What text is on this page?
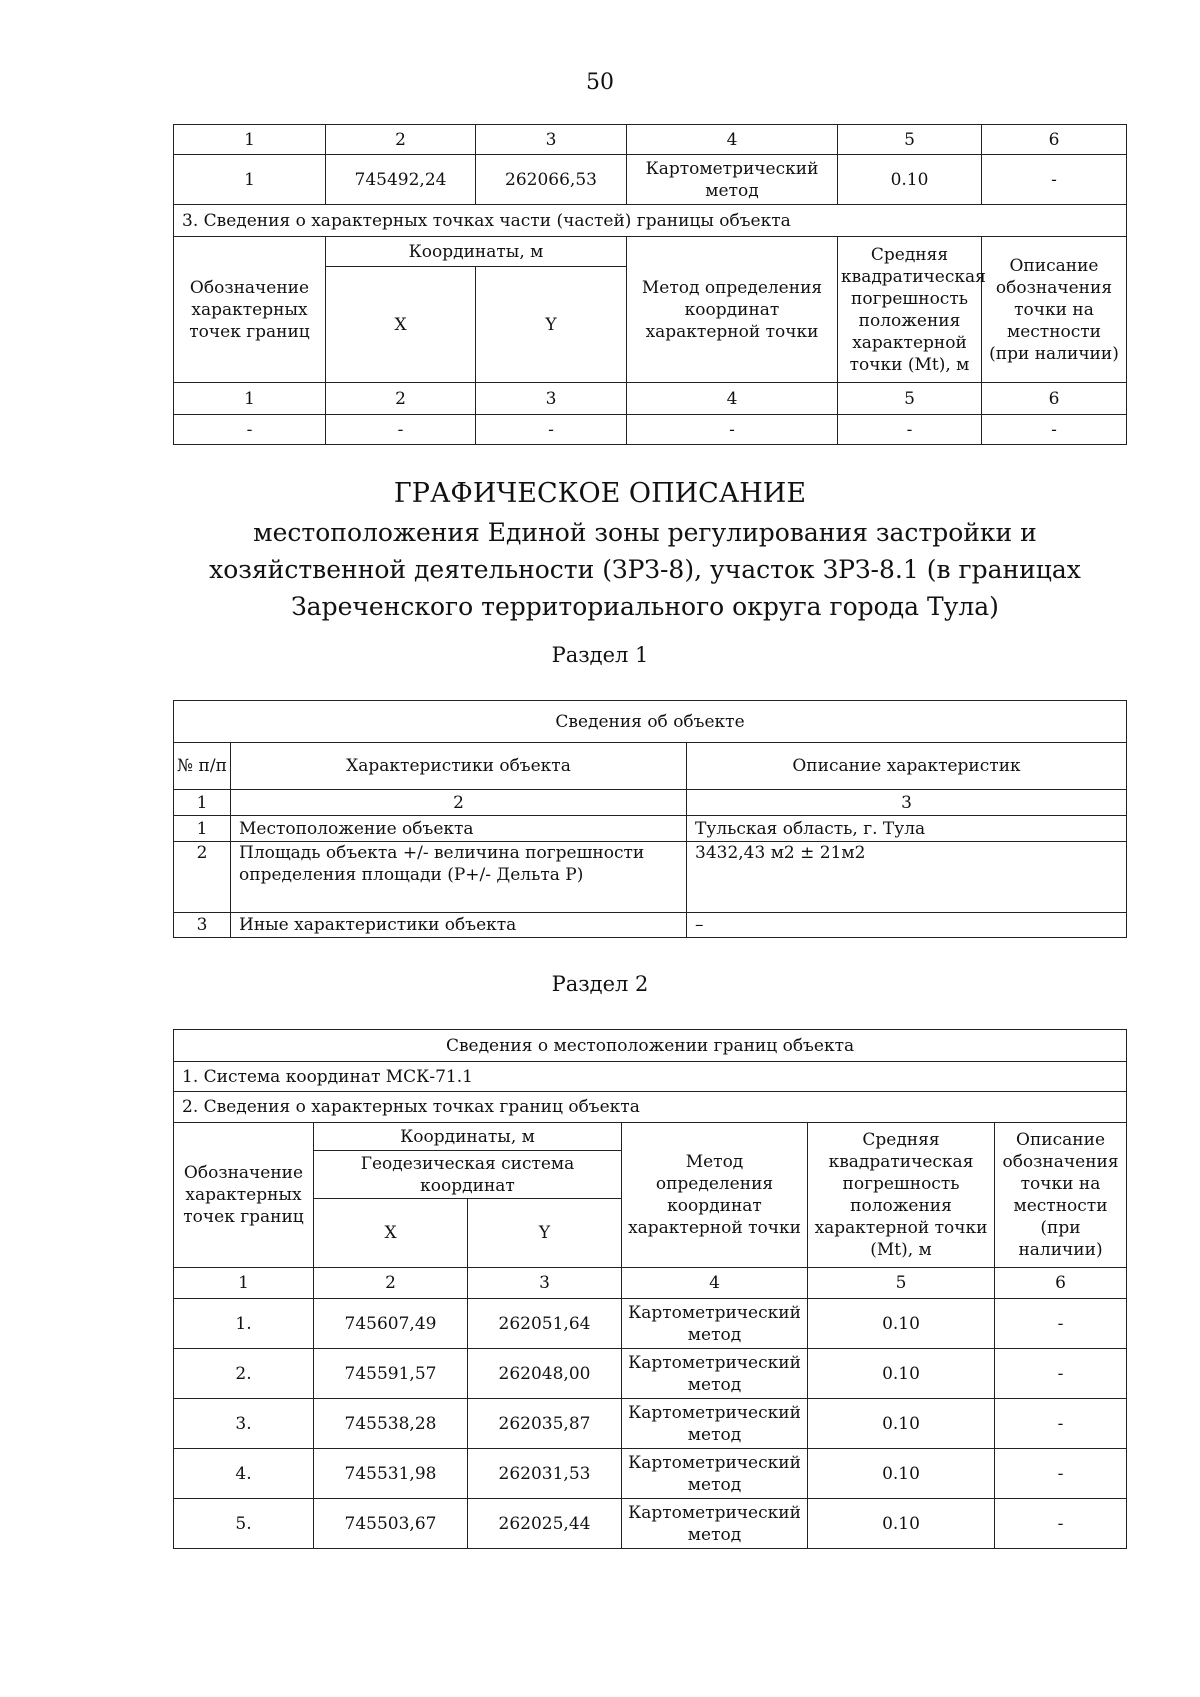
50
1	2	3	4	5	6
1	745492,24	262066,53	Картометрический метод	0.10	-
3. Сведения о характерных точках части (частей) границы объекта					
Обозначение характерных точек границ	Координаты, м		Метод определения координат характерной точки	Средняя квадратическая погрешность положения характерной точки (Mt), м	Описание обозначения точки на местности (при наличии)
	X	Y			
1	2	3	4	5	6
-	-	-	-	-	-
ГРАФИЧЕСКОЕ ОПИСАНИЕ
местоположения Единой зоны регулирования застройки и хозяйственной деятельности (ЗРЗ-8), участок ЗРЗ-8.1 (в границах Зареченского территориального округа города Тула)
Раздел 1
Сведения об объекте		
№ п/п	Характеристики объекта	Описание характеристик
1	2	3
1	Местоположение объекта	Тульская область, г. Тула
2	Площадь объекта +/- величина погрешности определения площади (P+/- Дельта P)	3432,43 м2 ± 21м2
3	Иные характеристики объекта	–
Раздел 2
Сведения о местоположении границ объекта					
1. Система координат МСК-71.1					
2. Сведения о характерных точках границ объекта					
Обозначение характерных точек границ	Координаты, м		Метод определения координат характерной точки	Средняя квадратическая погрешность положения характерной точки (Mt), м	Описание обозначения точки на местности (при наличии)
	Геодезическая система координат				
	X	Y			
1	2	3	4	5	6
1.	745607,49	262051,64	Картометрический метод	0.10	-
2.	745591,57	262048,00	Картометрический метод	0.10	-
3.	745538,28	262035,87	Картометрический метод	0.10	-
4.	745531,98	262031,53	Картометрический метод	0.10	-
5.	745503,67	262025,44	Картометрический метод	0.10	-
